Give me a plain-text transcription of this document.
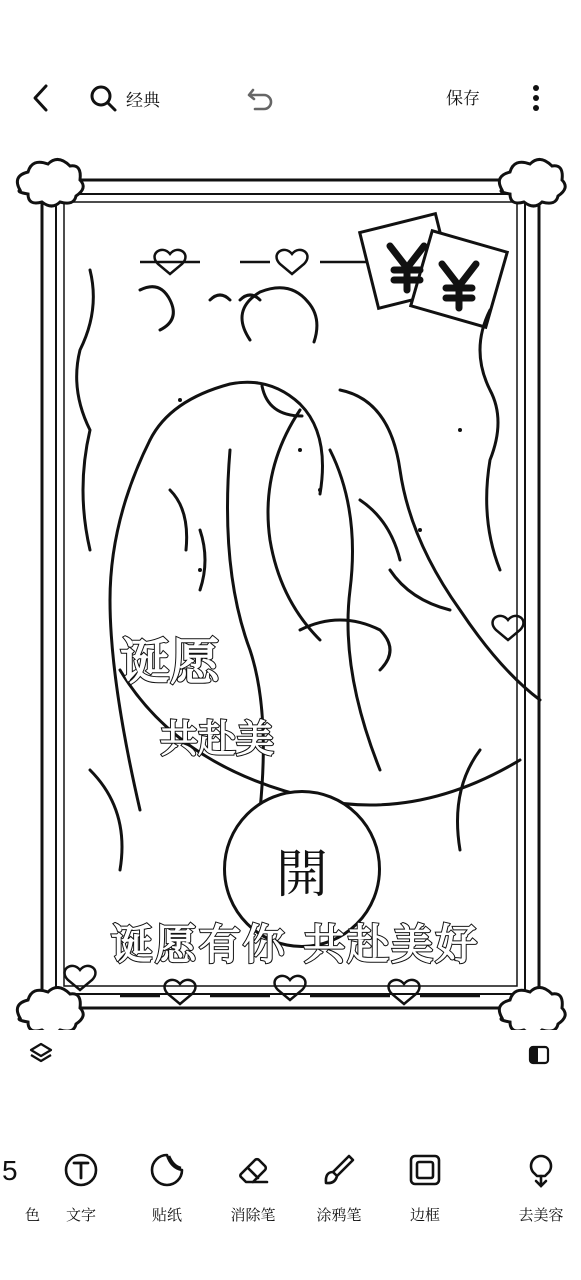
经典	保存
诞愿
共赴美
開
诞愿有你 共赴美好
5
色	文字	贴纸	消除笔	涂鸦笔	边框	去美容
